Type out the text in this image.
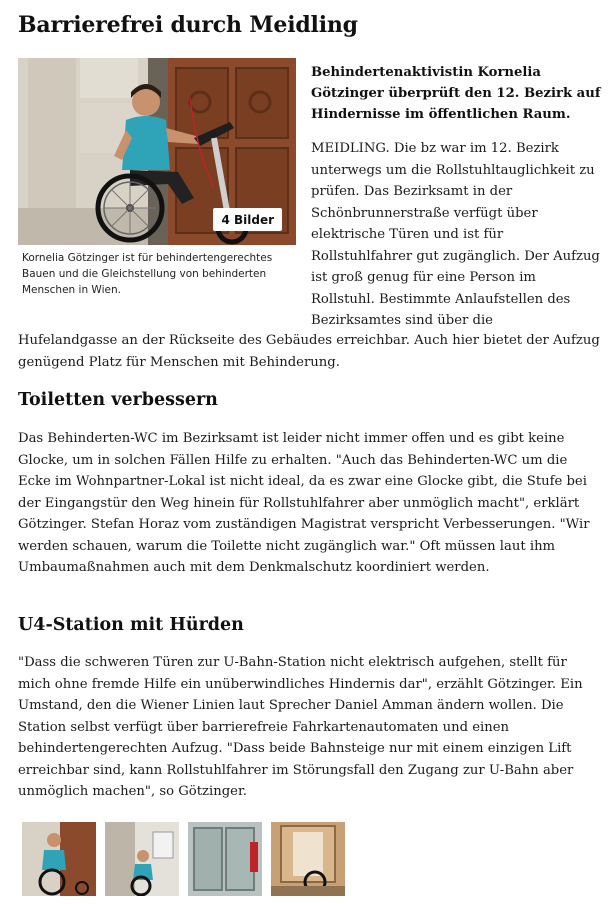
Barrierefrei durch Meidling
4 Bilder
Kornelia Götzinger ist für behindertengerechtes Bauen und die Gleichstellung von behinderten Menschen in Wien.
Behindertenaktivistin Kornelia Götzinger überprüft den 12. Bezirk auf Hindernisse im öffentlichen Raum.

MEIDLING. Die bz war im 12. Bezirk unterwegs um die Rollstuhltauglichkeit zu prüfen. Das Bezirksamt in der Schönbrunnerstraße verfügt über elektrische Türen und ist für Rollstuhlfahrer gut zugänglich. Der Aufzug ist groß genug für eine Person im Rollstuhl. Bestimmte Anlaufstellen des Bezirksamtes sind über die

Hufelandgasse an der Rückseite des Gebäudes erreichbar. Auch hier bietet der Aufzug genügend Platz für Menschen mit Behinderung.

Toiletten verbessern

Das Behinderten-WC im Bezirksamt ist leider nicht immer offen und es gibt keine Glocke, um in solchen Fällen Hilfe zu erhalten. "Auch das Behinderten-WC um die Ecke im Wohnpartner-Lokal ist nicht ideal, da es zwar eine Glocke gibt, die Stufe bei der Eingangstür den Weg hinein für Rollstuhlfahrer aber unmöglich macht", erklärt Götzinger. Stefan Horaz vom zuständigen Magistrat verspricht Verbesserungen. "Wir werden schauen, warum die Toilette nicht zugänglich war." Oft müssen laut ihm Umbaumaßnahmen auch mit dem Denkmalschutz koordiniert werden.

U4-Station mit Hürden

"Dass die schweren Türen zur U-Bahn-Station nicht elektrisch aufgehen, stellt für mich ohne fremde Hilfe ein unüberwindliches Hindernis dar", erzählt Götzinger. Ein Umstand, den die Wiener Linien laut Sprecher Daniel Amman ändern wollen. Die Station selbst verfügt über barrierefreie Fahrkartenautomaten und einen behindertengerechten Aufzug. "Dass beide Bahnsteige nur mit einem einzigen Lift erreichbar sind, kann Rollstuhlfahrer im Störungsfall den Zugang zur U-Bahn aber unmöglich machen", so Götzinger.
